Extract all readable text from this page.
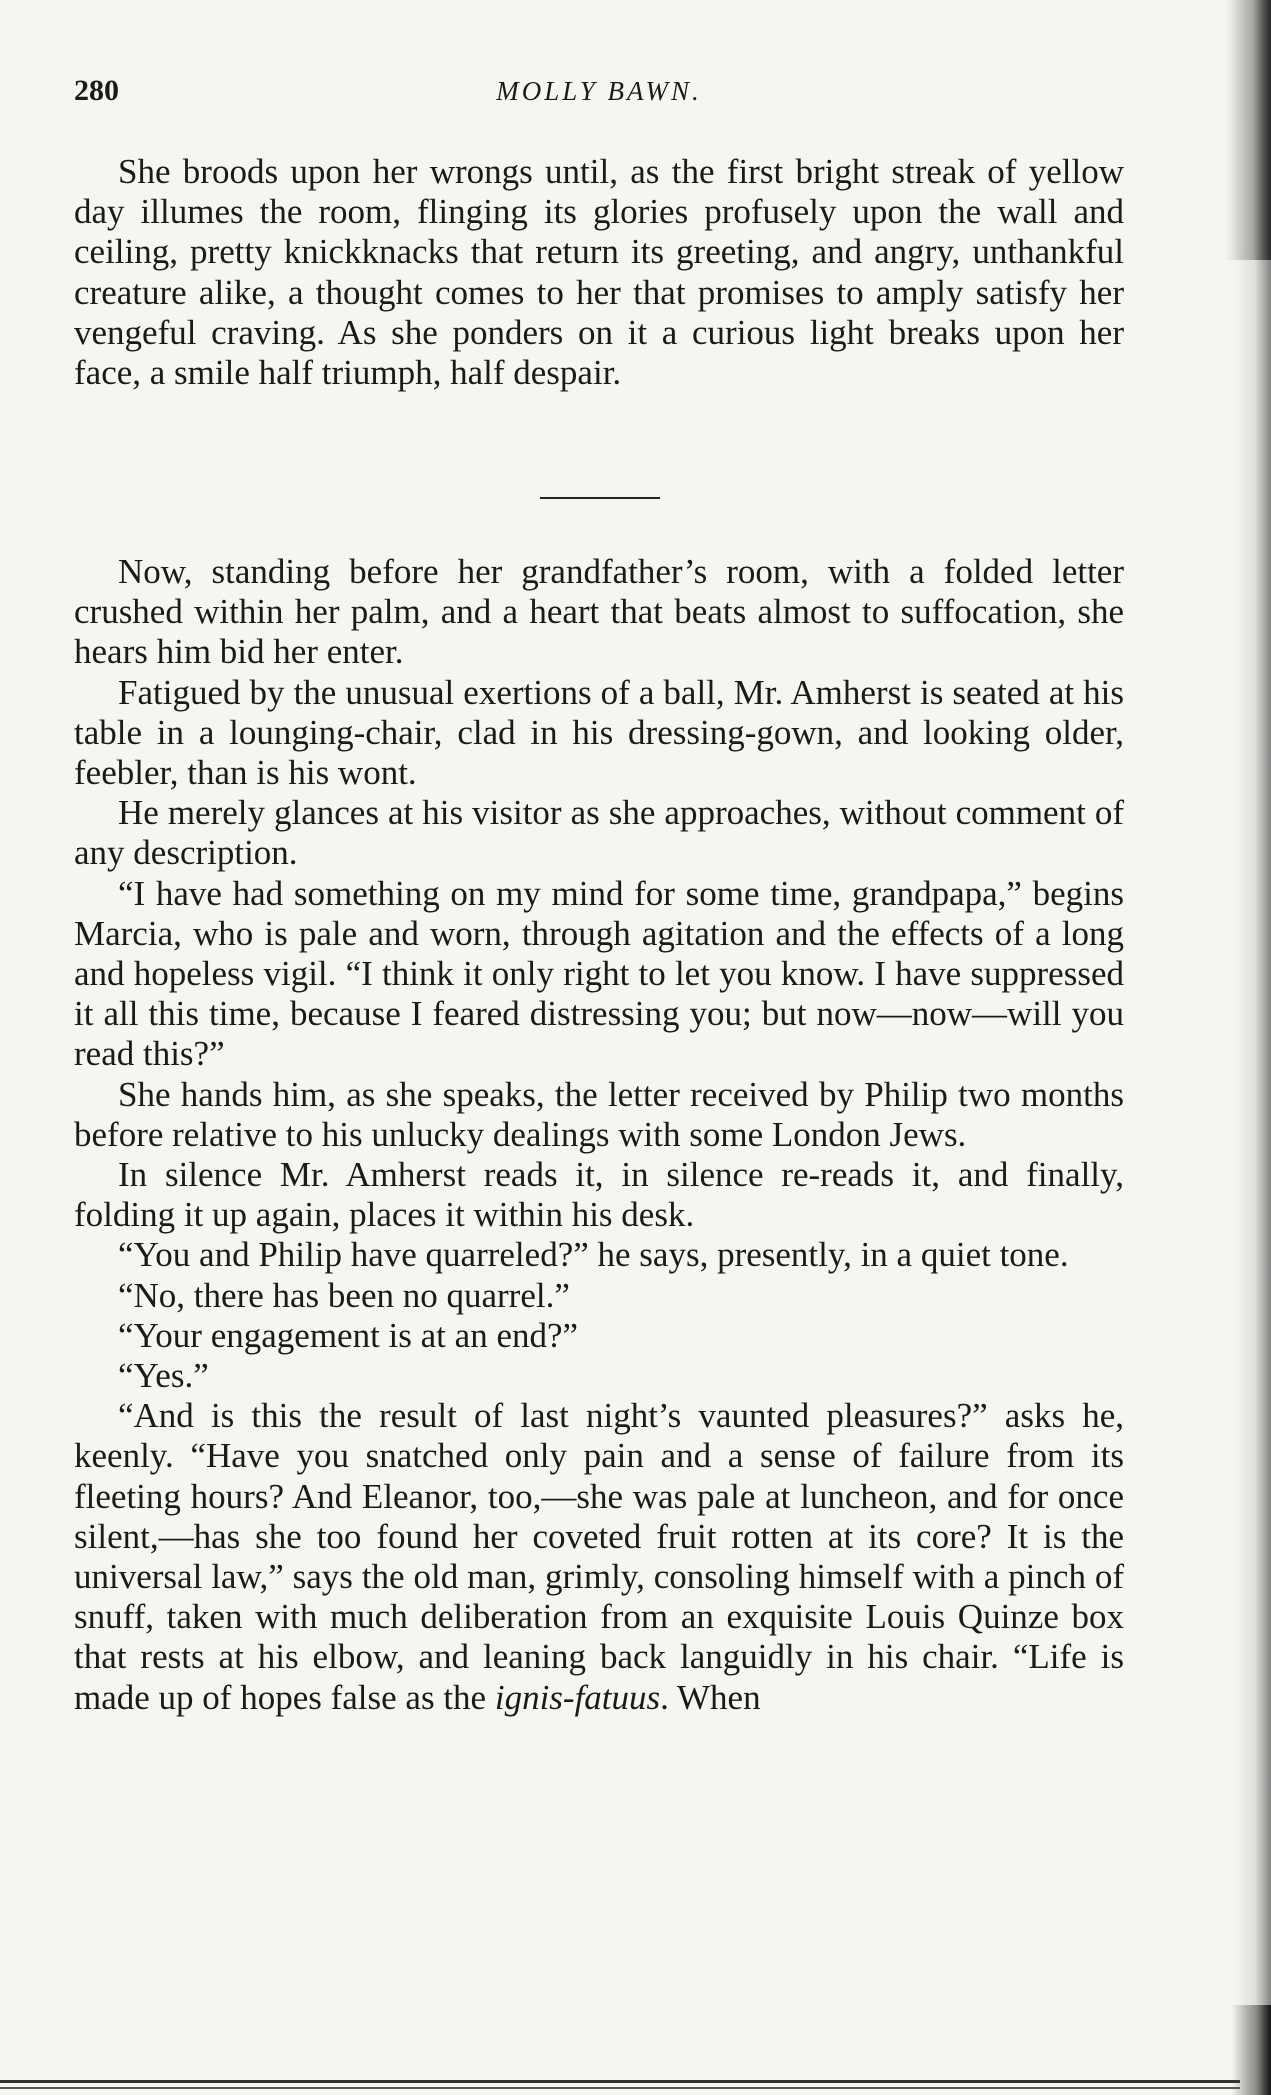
280	MOLLY BAWN.

She broods upon her wrongs until, as the first bright streak of yellow day illumes the room, flinging its glories profusely upon the wall and ceiling, pretty knickknacks that return its greeting, and angry, unthankful creature alike, a thought comes to her that promises to amply satisfy her vengeful craving. As she ponders on it a curious light breaks upon her face, a smile half triumph, half despair.

Now, standing before her grandfather’s room, with a folded letter crushed within her palm, and a heart that beats almost to suffocation, she hears him bid her enter.

Fatigued by the unusual exertions of a ball, Mr. Amherst is seated at his table in a lounging-chair, clad in his dressing-gown, and looking older, feebler, than is his wont.

He merely glances at his visitor as she approaches, without comment of any description.

“I have had something on my mind for some time, grandpapa,” begins Marcia, who is pale and worn, through agitation and the effects of a long and hopeless vigil. “I think it only right to let you know. I have suppressed it all this time, because I feared distressing you; but now—now—will you read this?”

She hands him, as she speaks, the letter received by Philip two months before relative to his unlucky dealings with some London Jews.

In silence Mr. Amherst reads it, in silence re-reads it, and finally, folding it up again, places it within his desk.

“You and Philip have quarreled?” he says, presently, in a quiet tone.

“No, there has been no quarrel.”

“Your engagement is at an end?”

“Yes.”

“And is this the result of last night’s vaunted pleasures?” asks he, keenly. “Have you snatched only pain and a sense of failure from its fleeting hours? And Eleanor, too,—she was pale at luncheon, and for once silent,—has she too found her coveted fruit rotten at its core? It is the universal law,” says the old man, grimly, consoling himself with a pinch of snuff, taken with much deliberation from an exquisite Louis Quinze box that rests at his elbow, and leaning back languidly in his chair. “Life is made up of hopes false as the ignis-fatuus. When
